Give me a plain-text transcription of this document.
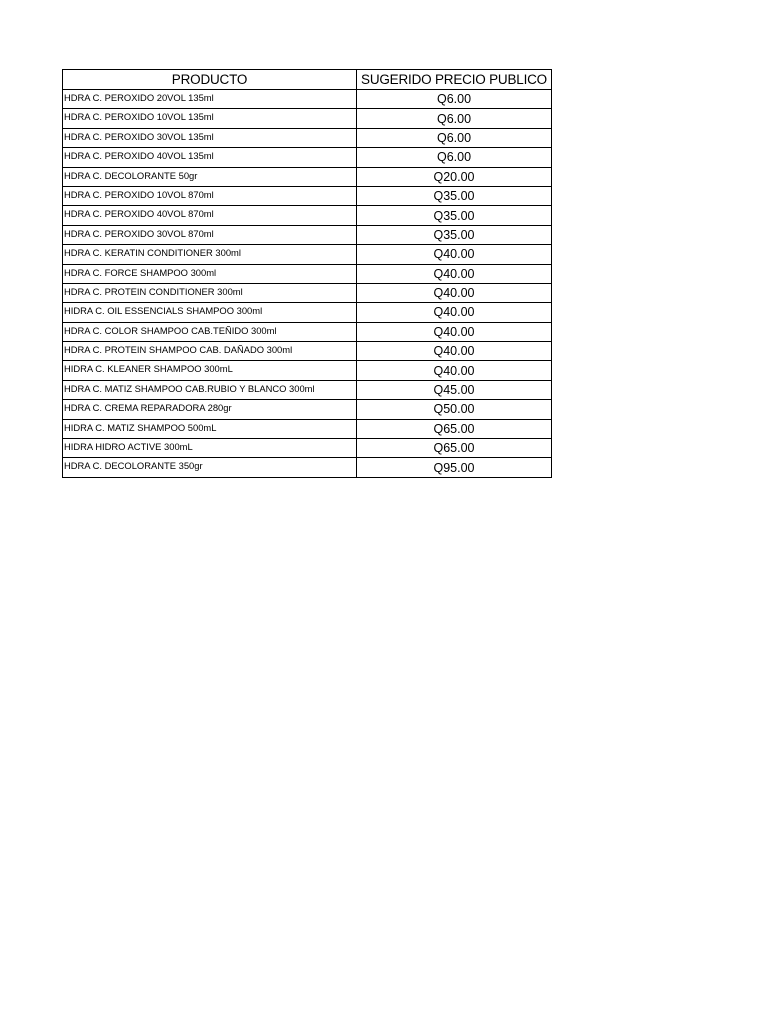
PRODUCTO	SUGERIDO PRECIO PUBLICO
HDRA C. PEROXIDO 20VOL 135ml	Q6.00
HDRA C. PEROXIDO 10VOL 135ml	Q6.00
HDRA C. PEROXIDO 30VOL 135ml	Q6.00
HDRA C. PEROXIDO 40VOL 135ml	Q6.00
HDRA C. DECOLORANTE 50gr	Q20.00
HDRA C. PEROXIDO 10VOL 870ml	Q35.00
HDRA C. PEROXIDO 40VOL 870ml	Q35.00
HDRA C. PEROXIDO 30VOL 870ml	Q35.00
HDRA C. KERATIN CONDITIONER 300ml	Q40.00
HDRA C. FORCE SHAMPOO 300ml	Q40.00
HDRA C. PROTEIN CONDITIONER 300ml	Q40.00
HIDRA C. OIL ESSENCIALS SHAMPOO 300ml	Q40.00
HDRA C. COLOR SHAMPOO CAB.TEÑIDO 300ml	Q40.00
HDRA C. PROTEIN SHAMPOO CAB. DAÑADO 300ml	Q40.00
HIDRA C. KLEANER SHAMPOO 300mL	Q40.00
HDRA C. MATIZ SHAMPOO CAB.RUBIO Y BLANCO 300ml	Q45.00
HDRA C. CREMA REPARADORA 280gr	Q50.00
HIDRA C. MATIZ SHAMPOO 500mL	Q65.00
HIDRA HIDRO ACTIVE 300mL	Q65.00
HDRA C. DECOLORANTE 350gr	Q95.00
